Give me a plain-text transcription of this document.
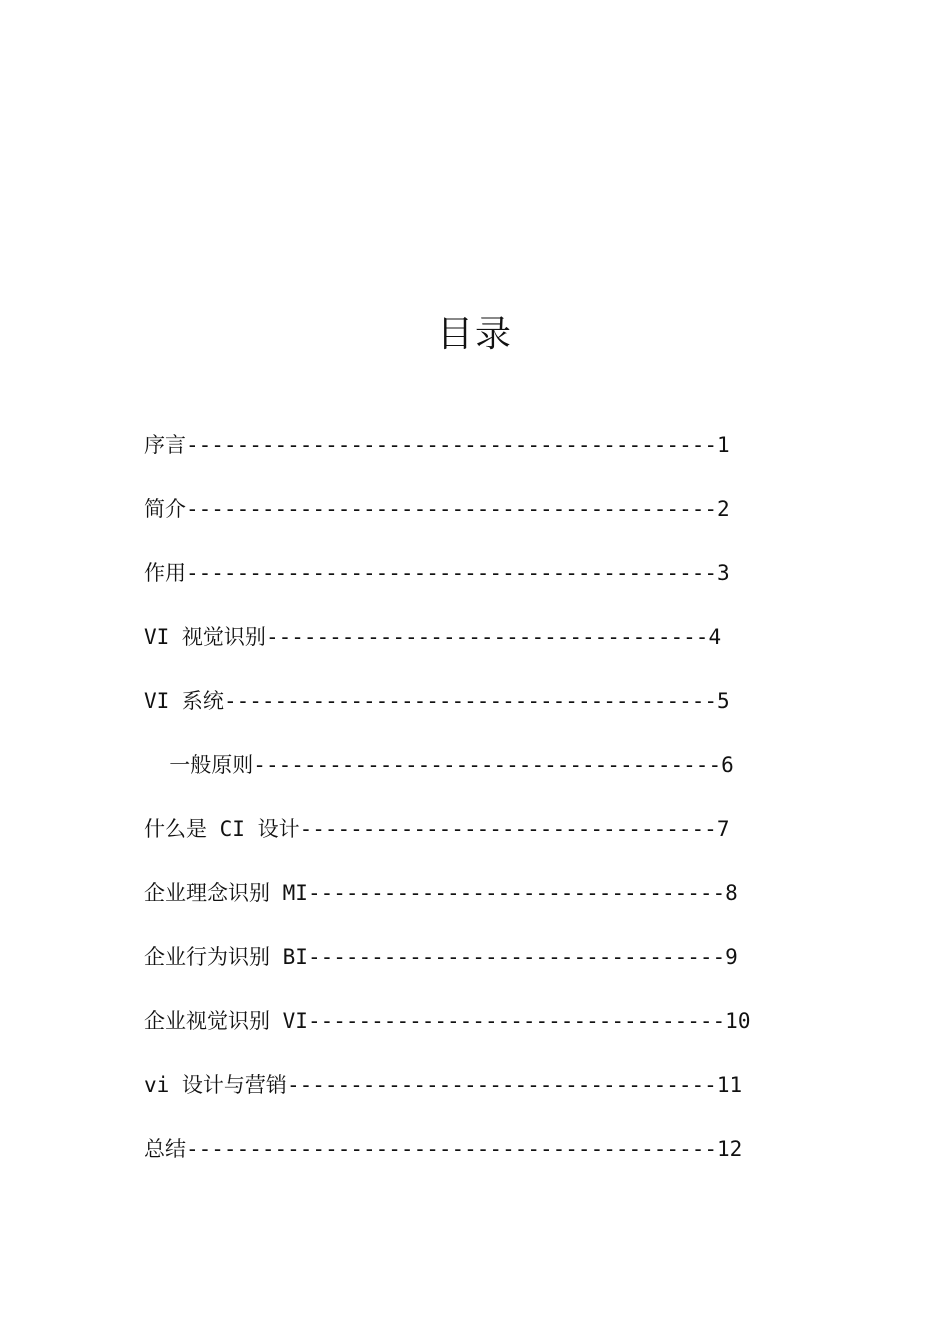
目录
序言------------------------------------------1
简介------------------------------------------2
作用------------------------------------------3
VI 视觉识别-----------------------------------4
VI 系统---------------------------------------5
一般原则-------------------------------------6
什么是 CI 设计---------------------------------7
企业理念识别 MI---------------------------------8
企业行为识别 BI---------------------------------9
企业视觉识别 VI---------------------------------10
vi 设计与营销----------------------------------11
总结------------------------------------------12
